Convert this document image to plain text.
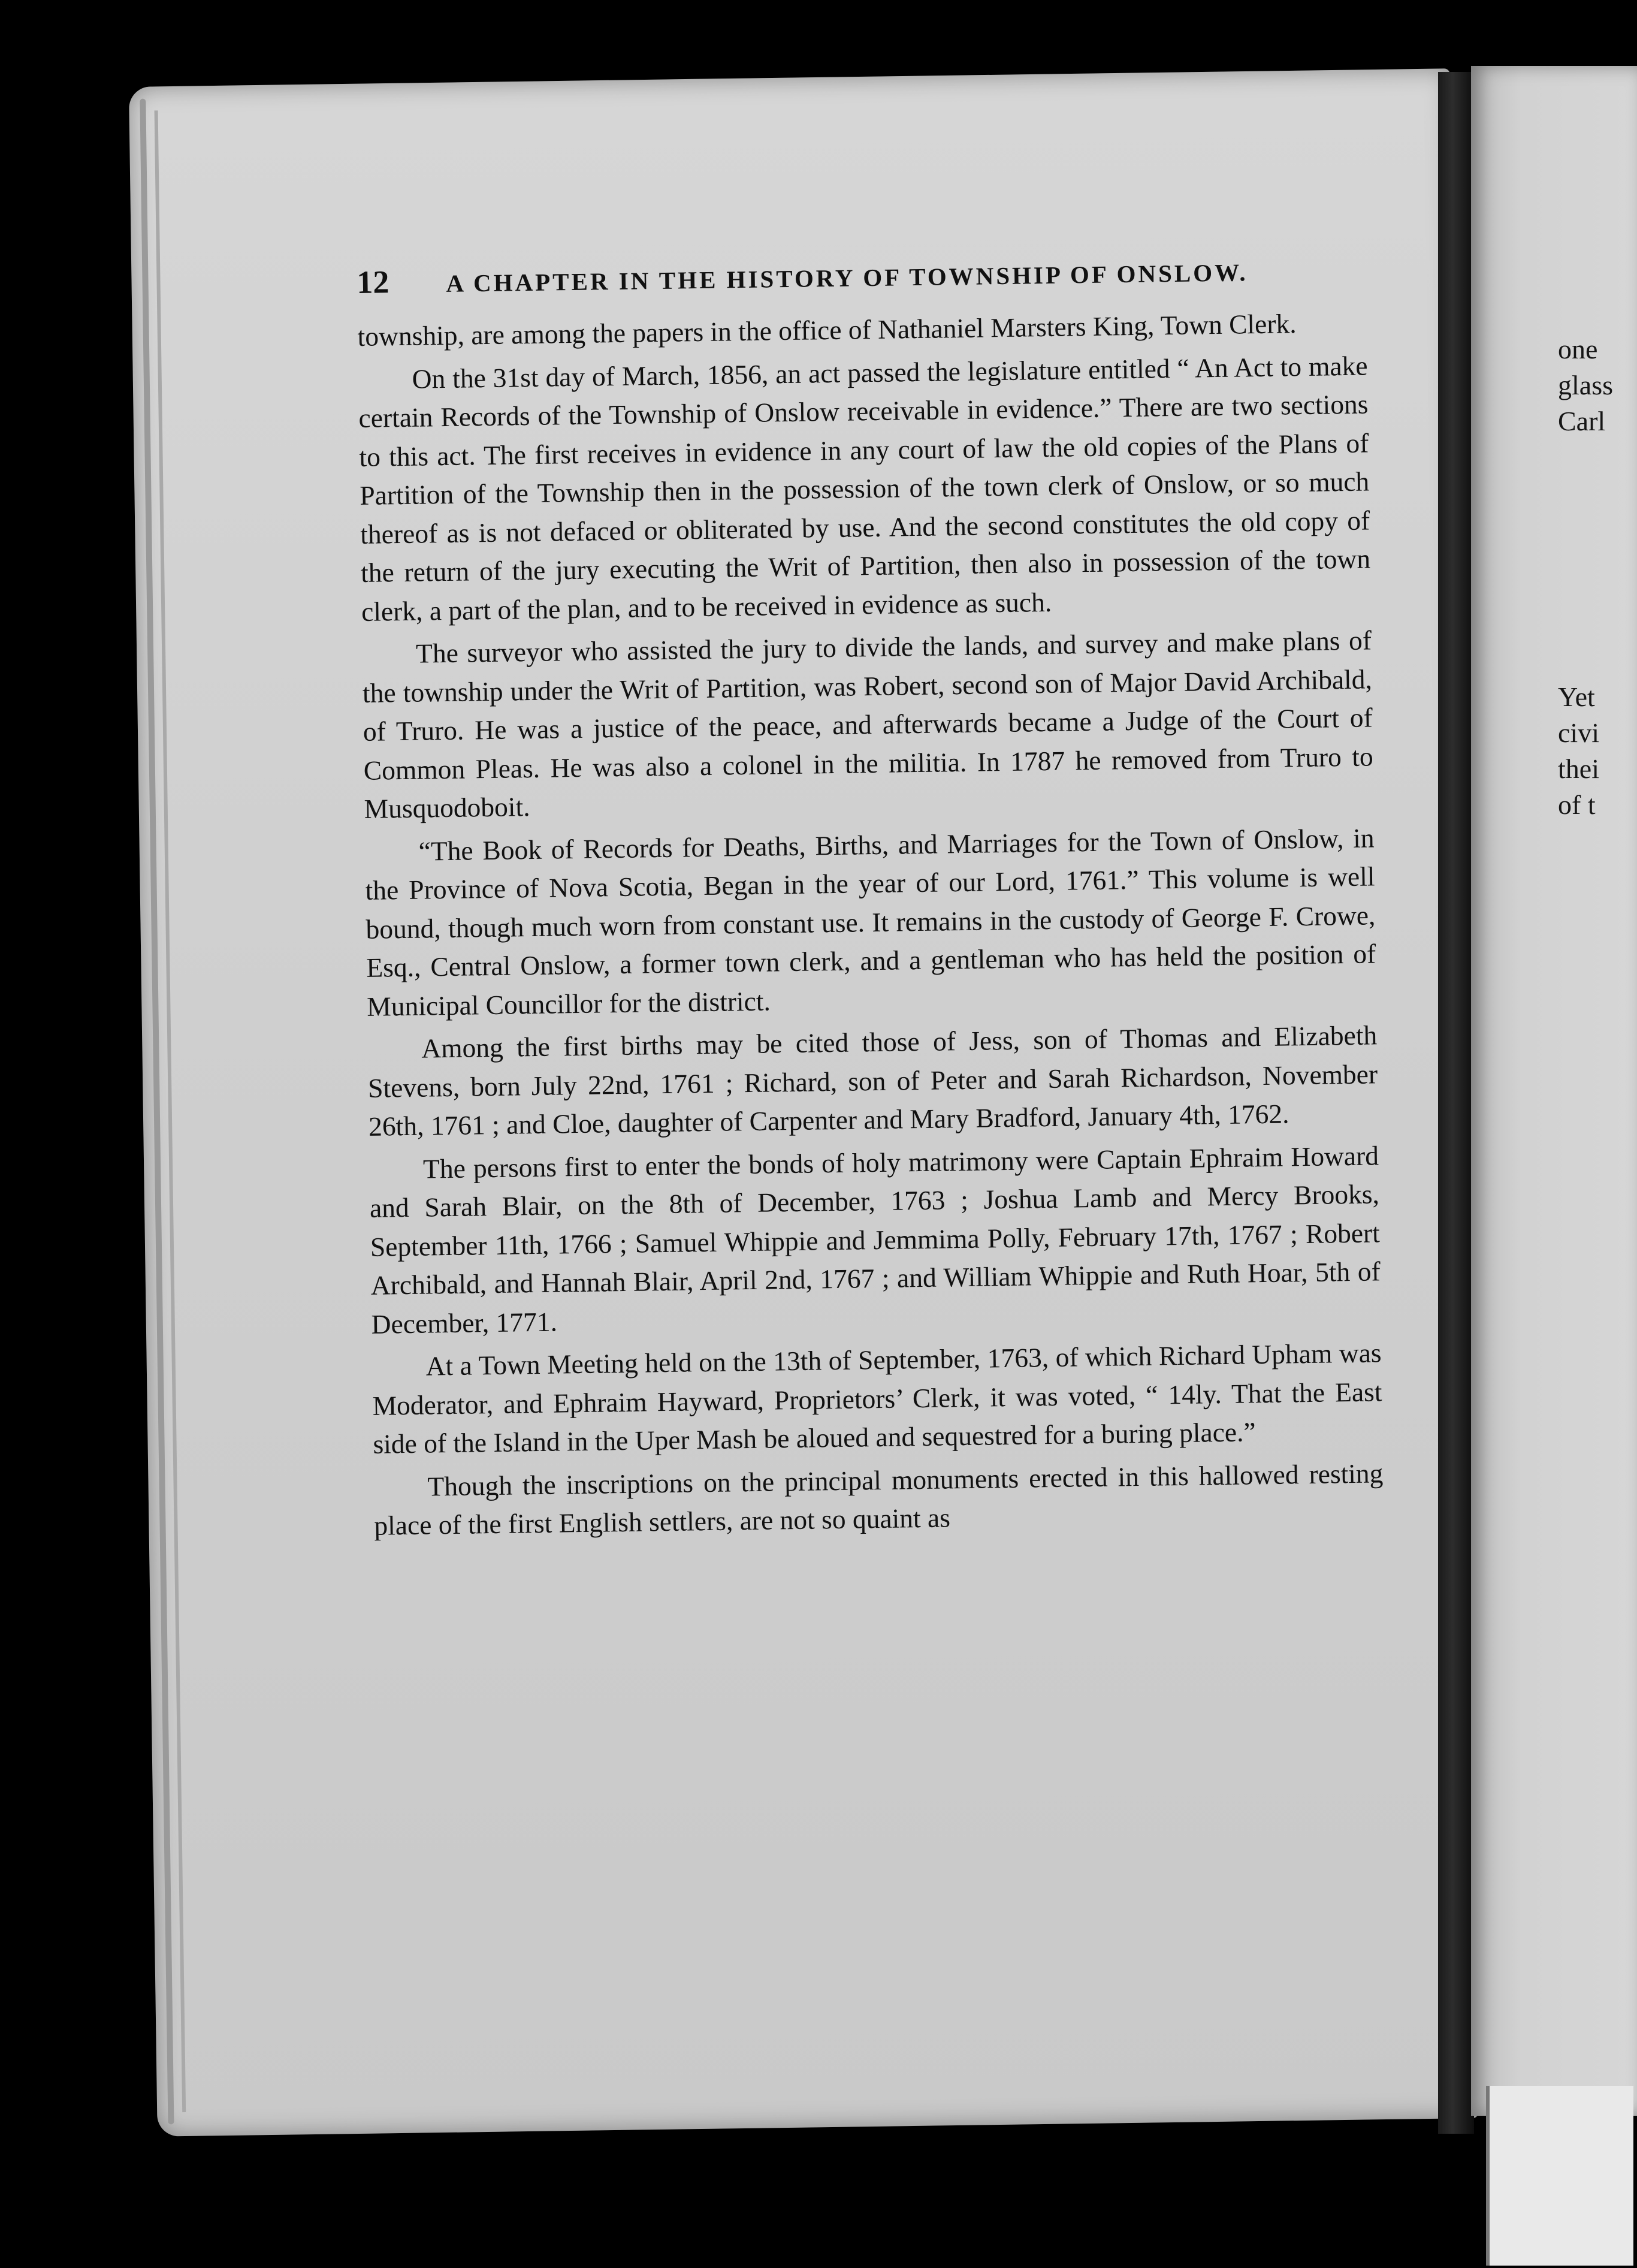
one
glass
Carl
Yet
civi
thei
of t
12 A CHAPTER IN THE HISTORY OF TOWNSHIP OF ONSLOW.

township, are among the papers in the office of Nathaniel Marsters King, Town Clerk.

On the 31st day of March, 1856, an act passed the legislature entitled “ An Act to make certain Records of the Township of Onslow receivable in evidence.” There are two sections to this act. The first receives in evidence in any court of law the old copies of the Plans of Partition of the Township then in the possession of the town clerk of Onslow, or so much thereof as is not defaced or obliterated by use. And the second constitutes the old copy of the return of the jury executing the Writ of Partition, then also in possession of the town clerk, a part of the plan, and to be received in evidence as such.

The surveyor who assisted the jury to divide the lands, and survey and make plans of the township under the Writ of Partition, was Robert, second son of Major David Archibald, of Truro. He was a justice of the peace, and afterwards became a Judge of the Court of Common Pleas. He was also a colonel in the militia. In 1787 he removed from Truro to Musquodoboit.

“The Book of Records for Deaths, Births, and Marriages for the Town of Onslow, in the Province of Nova Scotia, Began in the year of our Lord, 1761.” This volume is well bound, though much worn from constant use. It remains in the custody of George F. Crowe, Esq., Central Onslow, a former town clerk, and a gentleman who has held the position of Municipal Councillor for the district.

Among the first births may be cited those of Jess, son of Thomas and Elizabeth Stevens, born July 22nd, 1761 ; Richard, son of Peter and Sarah Richardson, November 26th, 1761 ; and Cloe, daughter of Carpenter and Mary Bradford, January 4th, 1762.

The persons first to enter the bonds of holy matrimony were Captain Ephraim Howard and Sarah Blair, on the 8th of December, 1763 ; Joshua Lamb and Mercy Brooks, September 11th, 1766 ; Samuel Whippie and Jemmima Polly, February 17th, 1767 ; Robert Archibald, and Hannah Blair, April 2nd, 1767 ; and William Whippie and Ruth Hoar, 5th of December, 1771.

At a Town Meeting held on the 13th of September, 1763, of which Richard Upham was Moderator, and Ephraim Hayward, Proprietors’ Clerk, it was voted, “ 14ly. That the East side of the Island in the Uper Mash be aloued and sequestred for a buring place.”

Though the inscriptions on the principal monuments erected in this hallowed resting place of the first English settlers, are not so quaint as
